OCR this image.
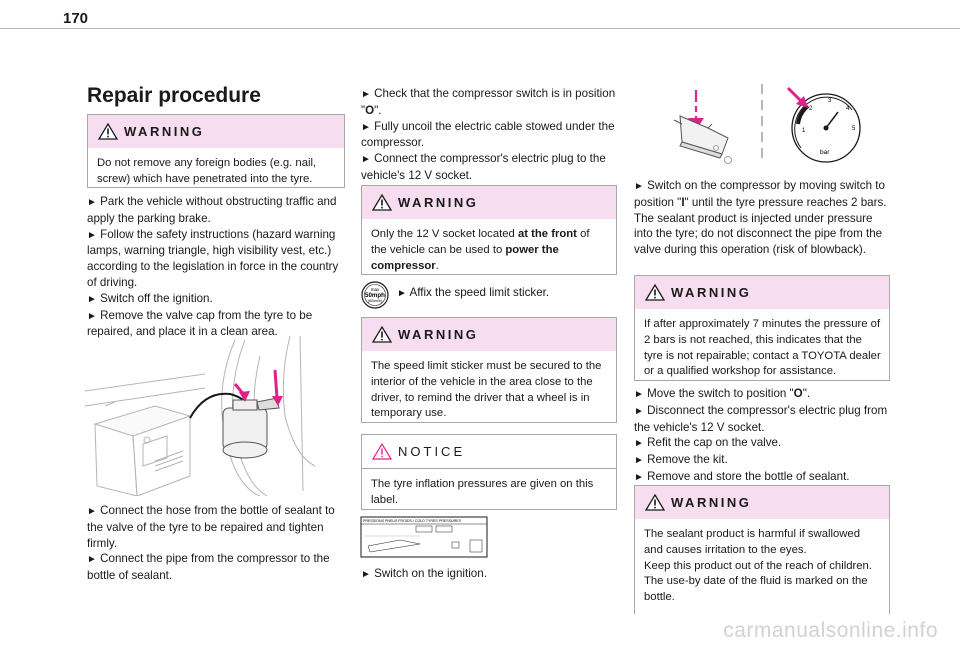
170
Repair procedure
WARNING
Do not remove any foreign bodies (e.g. nail, screw) which have penetrated into the tyre.

► Park the vehicle without obstructing traffic and apply the parking brake.

► Follow the safety instructions (hazard warning lamps, warning triangle, high visibility vest, etc.) according to the legislation in force in the country of driving.

► Switch off the ignition.

► Remove the valve cap from the tyre to be repaired, and place it in a clean area.

► Connect the hose from the bottle of sealant to the valve of the tyre to be repaired and tighten firmly.

► Connect the pipe from the compressor to the bottle of sealant.

► Check that the compressor switch is in position "O".

► Fully uncoil the electric cable stowed under the compressor.

► Connect the compressor's electric plug to the vehicle's 12 V socket.

WARNING
Only the 12 V socket located at the front of the vehicle can be used to power the compressor.
max
50mph
(80km/h)

► Affix the speed limit sticker.

WARNING
The speed limit sticker must be secured to the interior of the vehicle in the area close to the driver, to remind the driver that a wheel is in temporary use.
NOTICE
The tyre inflation pressures are given on this label.
PRESSIONS PNEUS FROIDS / COLD TYRES PRESSURES

► Switch on the ignition.

1
2
3
4
5
bar

► Switch on the compressor by moving switch to position "I" until the tyre pressure reaches 2 bars. The sealant product is injected under pressure into the tyre; do not disconnect the pipe from the valve during this operation (risk of blowback).

WARNING
If after approximately 7 minutes the pressure of 2 bars is not reached, this indicates that the tyre is not repairable; contact a TOYOTA dealer or a qualified workshop for assistance.

► Move the switch to position "O".

► Disconnect the compressor's electric plug from the vehicle's 12 V socket.

► Refit the cap on the valve.

► Remove the kit.

► Remove and store the bottle of sealant.

WARNING
The sealant product is harmful if swallowed and causes irritation to the eyes.
Keep this product out of the reach of children. The use-by date of the fluid is marked on the bottle.
carmanualsonline.info
